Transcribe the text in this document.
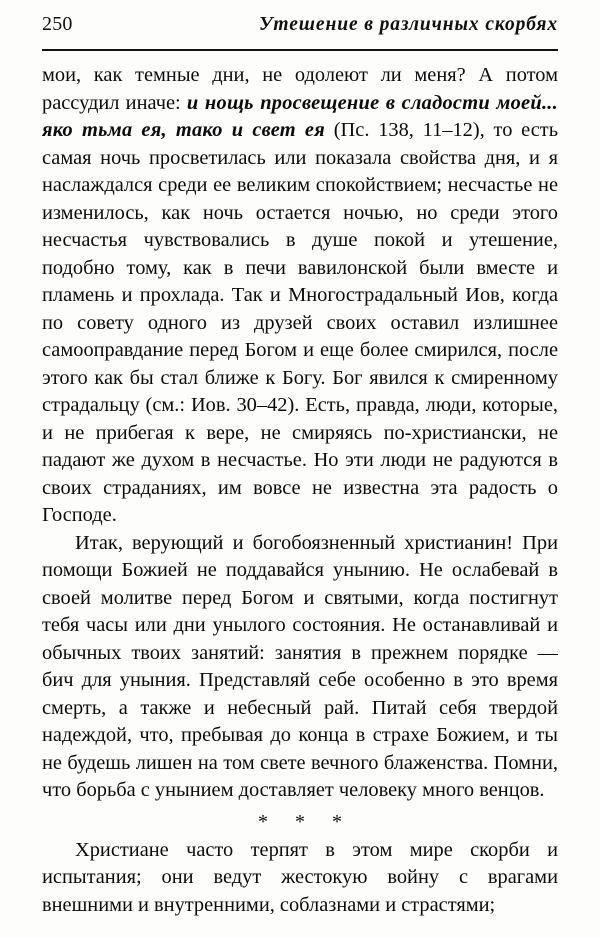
250	Утешение в различных скорбях

мои, как темные дни, не одолеют ли меня? А потом рассудил иначе: и нощь просвещение в сладости моей... яко тьма ея, тако и свет ея (Пс. 138, 11–12), то есть самая ночь просветилась или показала свойства дня, и я наслаждался среди ее великим спокойствием; несчастье не изменилось, как ночь остается ночью, но среди этого несчастья чувствовались в душе покой и утешение, подобно тому, как в печи вавилонской были вместе и пламень и прохлада. Так и Многострадальный Иов, когда по совету одного из друзей своих оставил излишнее самооправдание перед Богом и еще более смирился, после этого как бы стал ближе к Богу. Бог явился к смиренному страдальцу (см.: Иов. 30–42). Есть, правда, люди, которые, и не прибегая к вере, не смиряясь по-христиански, не падают же духом в несчастье. Но эти люди не радуются в своих страданиях, им вовсе не известна эта радость о Господе.

Итак, верующий и богобоязненный христианин! При помощи Божией не поддавайся унынию. Не ослабевай в своей молитве перед Богом и святыми, когда постигнут тебя часы или дни унылого состояния. Не останавливай и обычных твоих занятий: занятия в прежнем порядке — бич для уныния. Представляй себе особенно в это время смерть, а также и небесный рай. Питай себя твердой надеждой, что, пребывая до конца в страхе Божием, и ты не будешь лишен на том свете вечного блаженства. Помни, что борьба с унынием доставляет человеку много венцов.

* * *

Христиане часто терпят в этом мире скорби и испытания; они ведут жестокую войну с врагами внешними и внутренними, соблазнами и страстями;
